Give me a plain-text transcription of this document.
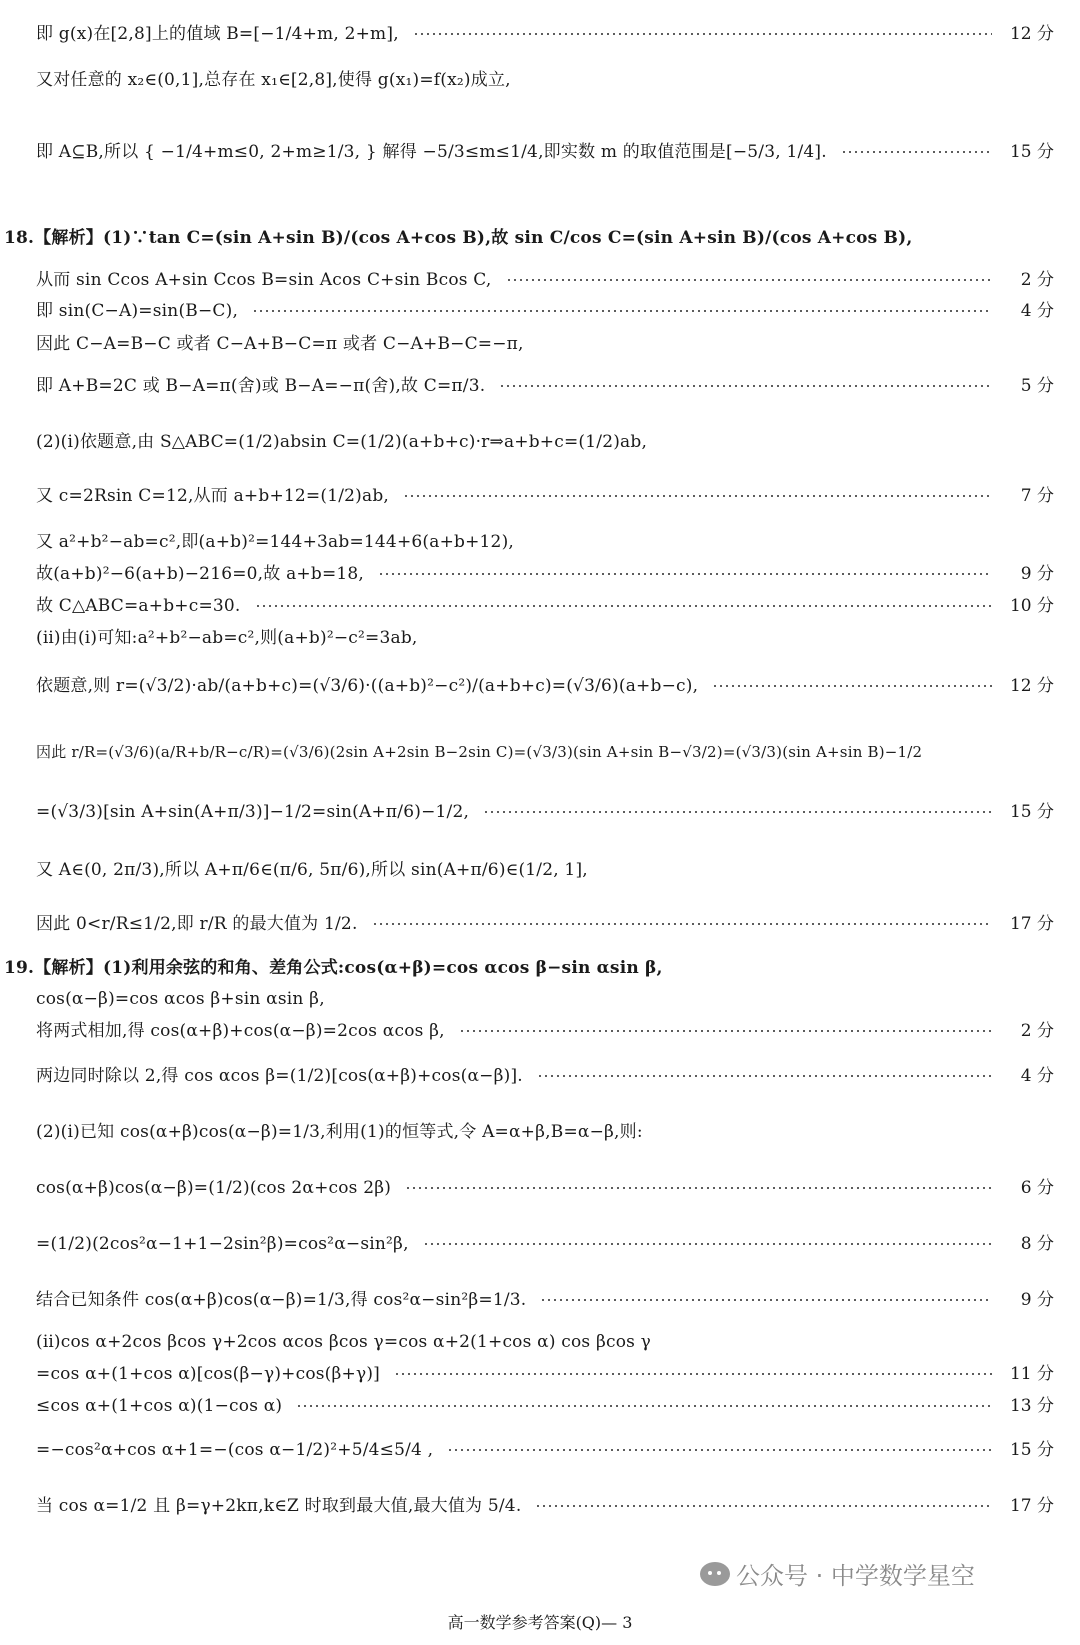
即 g(x)在[2,8]上的值域 B=[−1/4+m, 2+m],	12 分
又对任意的 x₂∈(0,1],总存在 x₁∈[2,8],使得 g(x₁)=f(x₂)成立,
即 A⊆B,所以 { −1/4+m≤0, 2+m≥1/3, } 解得 −5/3≤m≤1/4,即实数 m 的取值范围是[−5/3, 1/4].	15 分
18.【解析】(1)∵tan C=(sin A+sin B)/(cos A+cos B),故 sin C/cos C=(sin A+sin B)/(cos A+cos B),
从而 sin Ccos A+sin Ccos B=sin Acos C+sin Bcos C,	2 分
即 sin(C−A)=sin(B−C),	4 分
因此 C−A=B−C 或者 C−A+B−C=π 或者 C−A+B−C=−π,
即 A+B=2C 或 B−A=π(舍)或 B−A=−π(舍),故 C=π/3.	5 分
(2)(ⅰ)依题意,由 S△ABC=(1/2)absin C=(1/2)(a+b+c)·r⇒a+b+c=(1/2)ab,
又 c=2Rsin C=12,从而 a+b+12=(1/2)ab,	7 分
又 a²+b²−ab=c²,即(a+b)²=144+3ab=144+6(a+b+12),
故(a+b)²−6(a+b)−216=0,故 a+b=18,	9 分
故 C△ABC=a+b+c=30.	10 分
(ⅱ)由(ⅰ)可知:a²+b²−ab=c²,则(a+b)²−c²=3ab,
依题意,则 r=(√3/2)·ab/(a+b+c)=(√3/6)·((a+b)²−c²)/(a+b+c)=(√3/6)(a+b−c),	12 分
因此 r/R=(√3/6)(a/R+b/R−c/R)=(√3/6)(2sin A+2sin B−2sin C)=(√3/3)(sin A+sin B−√3/2)=(√3/3)(sin A+sin B)−1/2
=(√3/3)[sin A+sin(A+π/3)]−1/2=sin(A+π/6)−1/2,	15 分
又 A∈(0, 2π/3),所以 A+π/6∈(π/6, 5π/6),所以 sin(A+π/6)∈(1/2, 1],
因此 0<r/R≤1/2,即 r/R 的最大值为 1/2.	17 分
19.【解析】(1)利用余弦的和角、差角公式:cos(α+β)=cos αcos β−sin αsin β,
cos(α−β)=cos αcos β+sin αsin β,
将两式相加,得 cos(α+β)+cos(α−β)=2cos αcos β,	2 分
两边同时除以 2,得 cos αcos β=(1/2)[cos(α+β)+cos(α−β)].	4 分
(2)(ⅰ)已知 cos(α+β)cos(α−β)=1/3,利用(1)的恒等式,令 A=α+β,B=α−β,则:
cos(α+β)cos(α−β)=(1/2)(cos 2α+cos 2β)	6 分
=(1/2)(2cos²α−1+1−2sin²β)=cos²α−sin²β,	8 分
结合已知条件 cos(α+β)cos(α−β)=1/3,得 cos²α−sin²β=1/3.	9 分
(ⅱ)cos α+2cos βcos γ+2cos αcos βcos γ=cos α+2(1+cos α) cos βcos γ
=cos α+(1+cos α)[cos(β−γ)+cos(β+γ)]	11 分
≤cos α+(1+cos α)(1−cos α)	13 分
=−cos²α+cos α+1=−(cos α−1/2)²+5/4≤5/4 ,	15 分
当 cos α=1/2 且 β=γ+2kπ,k∈Z 时取到最大值,最大值为 5/4.	17 分
公众号 · 中学数学星空
高一数学参考答案(Q)— 3
